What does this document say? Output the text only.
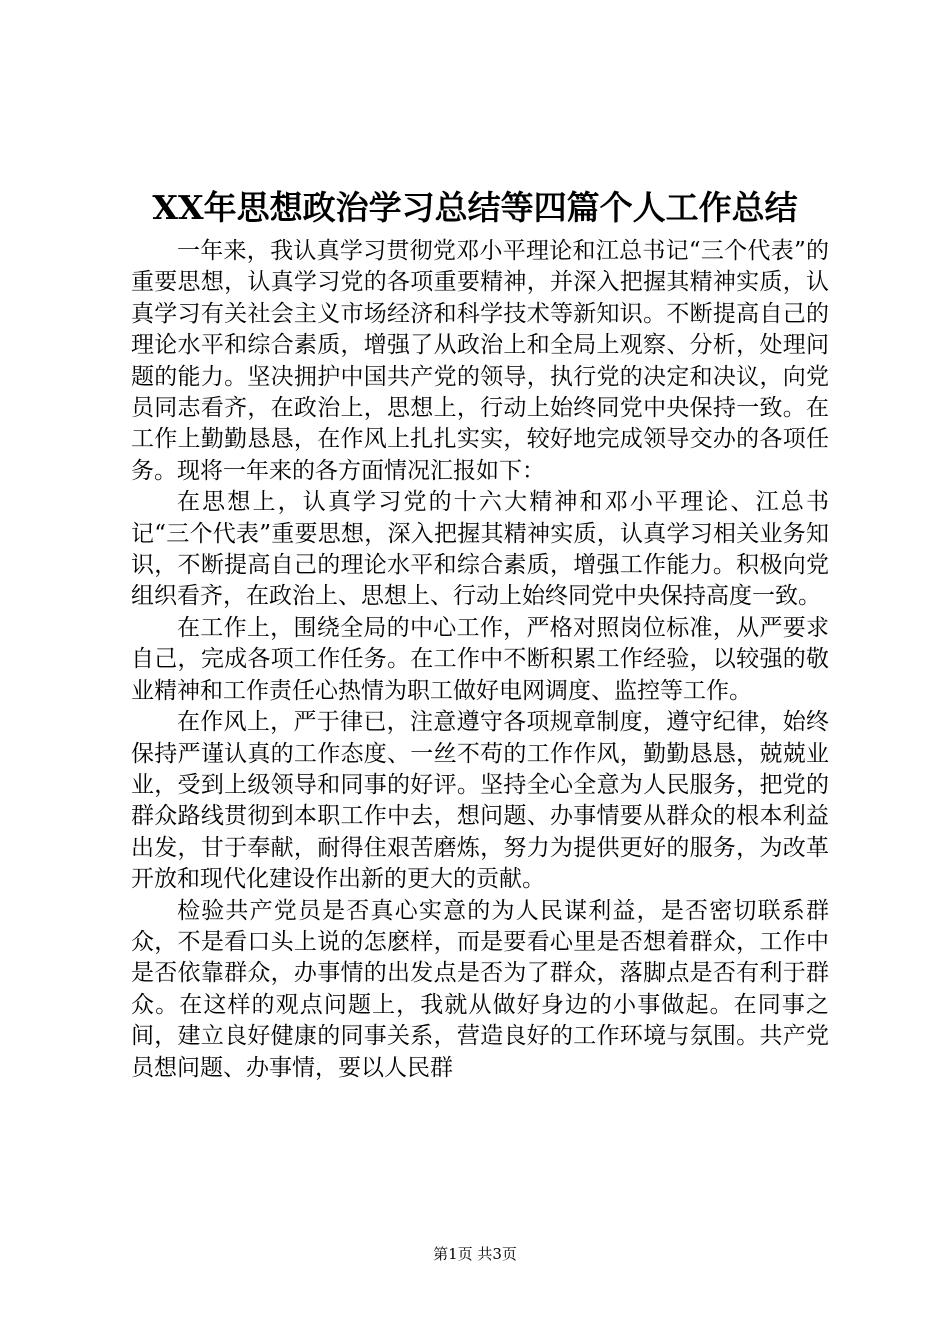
XX年思想政治学习总结等四篇个人工作总结

一年来，我认真学习贯彻党邓小平理论和江总书记“三个代表”的重要思想，认真学习党的各项重要精神，并深入把握其精神实质，认真学习有关社会主义市场经济和科学技术等新知识。不断提高自己的理论水平和综合素质，增强了从政治上和全局上观察、分析，处理问题的能力。坚决拥护中国共产党的领导，执行党的决定和决议，向党员同志看齐，在政治上，思想上，行动上始终同党中央保持一致。在工作上勤勤恳恳，在作风上扎扎实实，较好地完成领导交办的各项任务。现将一年来的各方面情况汇报如下：

在思想上，认真学习党的十六大精神和邓小平理论、江总书记“三个代表”重要思想，深入把握其精神实质，认真学习相关业务知识，不断提高自己的理论水平和综合素质，增强工作能力。积极向党组织看齐，在政治上、思想上、行动上始终同党中央保持高度一致。

在工作上，围绕全局的中心工作，严格对照岗位标准，从严要求自己，完成各项工作任务。在工作中不断积累工作经验，以较强的敬业精神和工作责任心热情为职工做好电网调度、监控等工作。

在作风上，严于律已，注意遵守各项规章制度，遵守纪律，始终保持严谨认真的工作态度、一丝不苟的工作作风，勤勤恳恳，兢兢业业，受到上级领导和同事的好评。坚持全心全意为人民服务，把党的群众路线贯彻到本职工作中去，想问题、办事情要从群众的根本利益出发，甘于奉献，耐得住艰苦磨炼，努力为提供更好的服务，为改革开放和现代化建设作出新的更大的贡献。

检验共产党员是否真心实意的为人民谋利益，是否密切联系群众，不是看口头上说的怎麽样，而是要看心里是否想着群众，工作中是否依靠群众，办事情的出发点是否为了群众，落脚点是否有利于群众。在这样的观点问题上，我就从做好身边的小事做起。在同事之间，建立良好健康的同事关系，营造良好的工作环境与氛围。共产党员想问题、办事情，要以人民群

第1页 共3页
